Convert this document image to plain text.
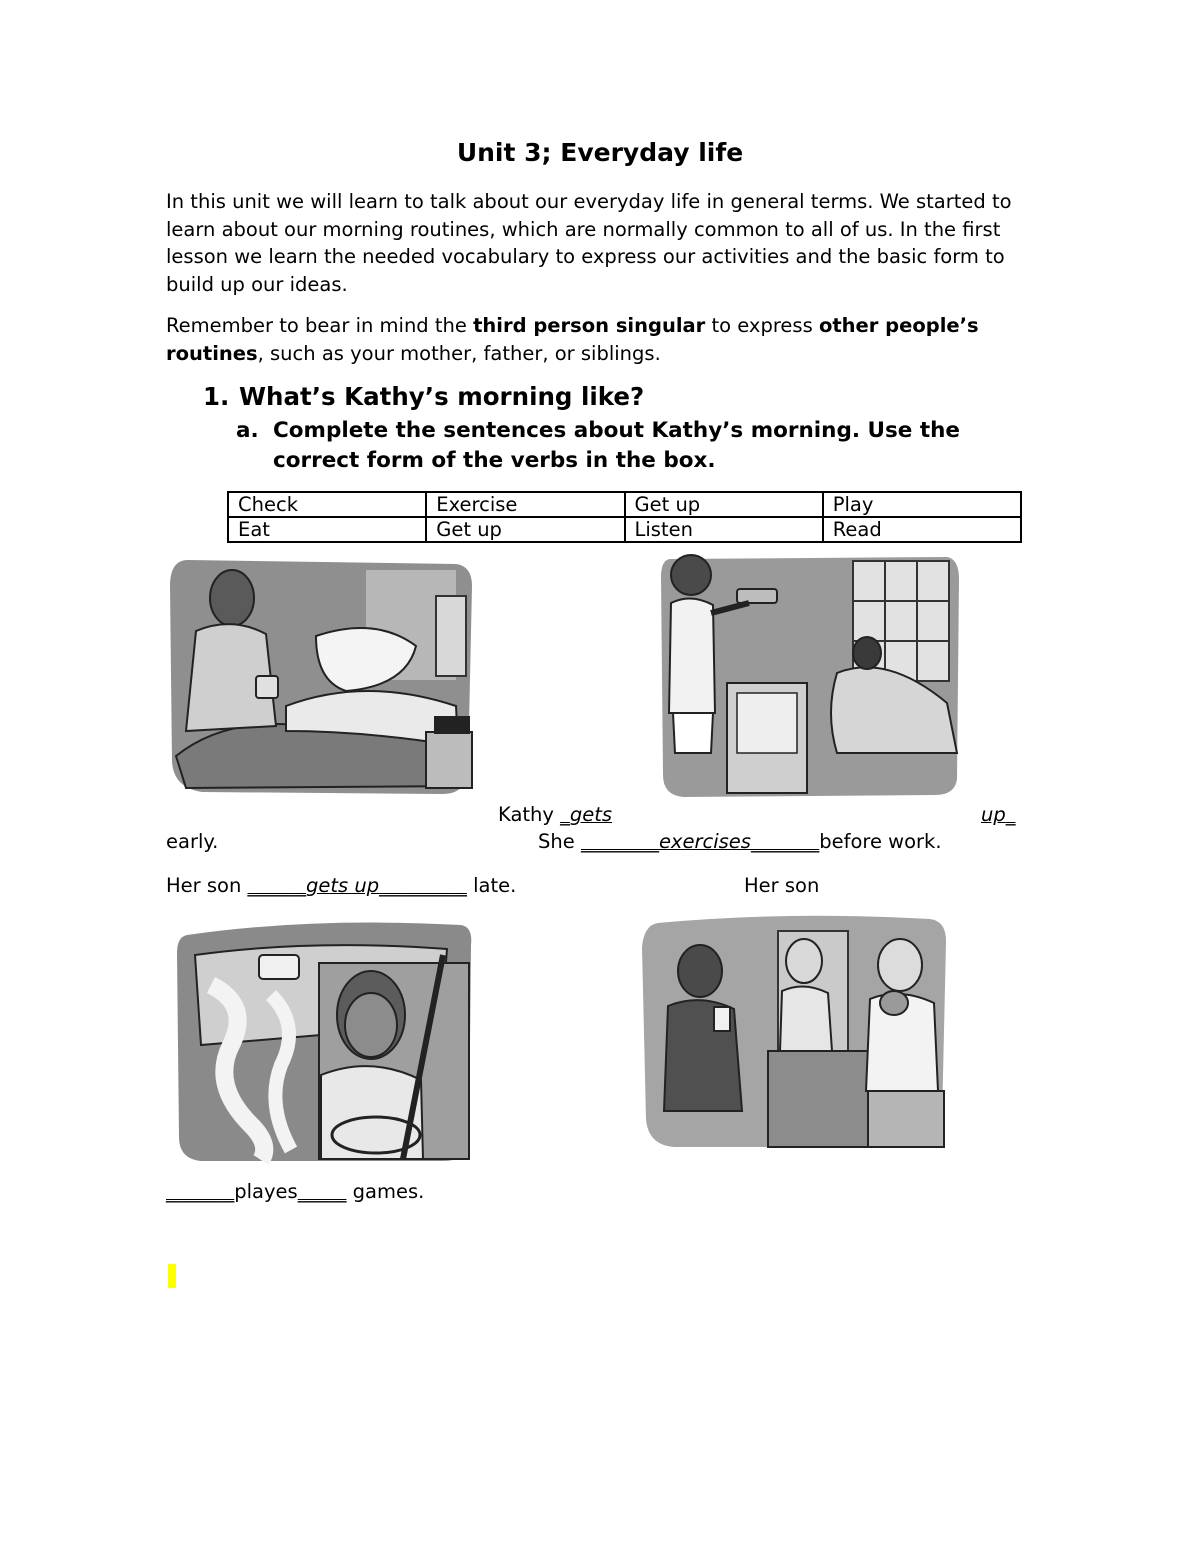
Unit 3; Everyday life
In this unit we will learn to talk about our everyday life in general terms. We started to learn about our morning routines, which are normally common to all of us. In the first lesson we learn the needed vocabulary to express our activities and the basic form to build up our ideas.
Remember to bear in mind the third person singular to express other people’s routines, such as your mother, father, or siblings.
1. What’s Kathy’s morning like?
a. Complete the sentences about Kathy’s morning. Use the correct form of the verbs in the box.
Check	Exercise	Get up	Play
Eat	Get up	Listen	Read
Kathy _gets	up_
early.	She ________exercises_______before work.
Her son ______gets up_________ late.	Her son
_______playes_____ games.
